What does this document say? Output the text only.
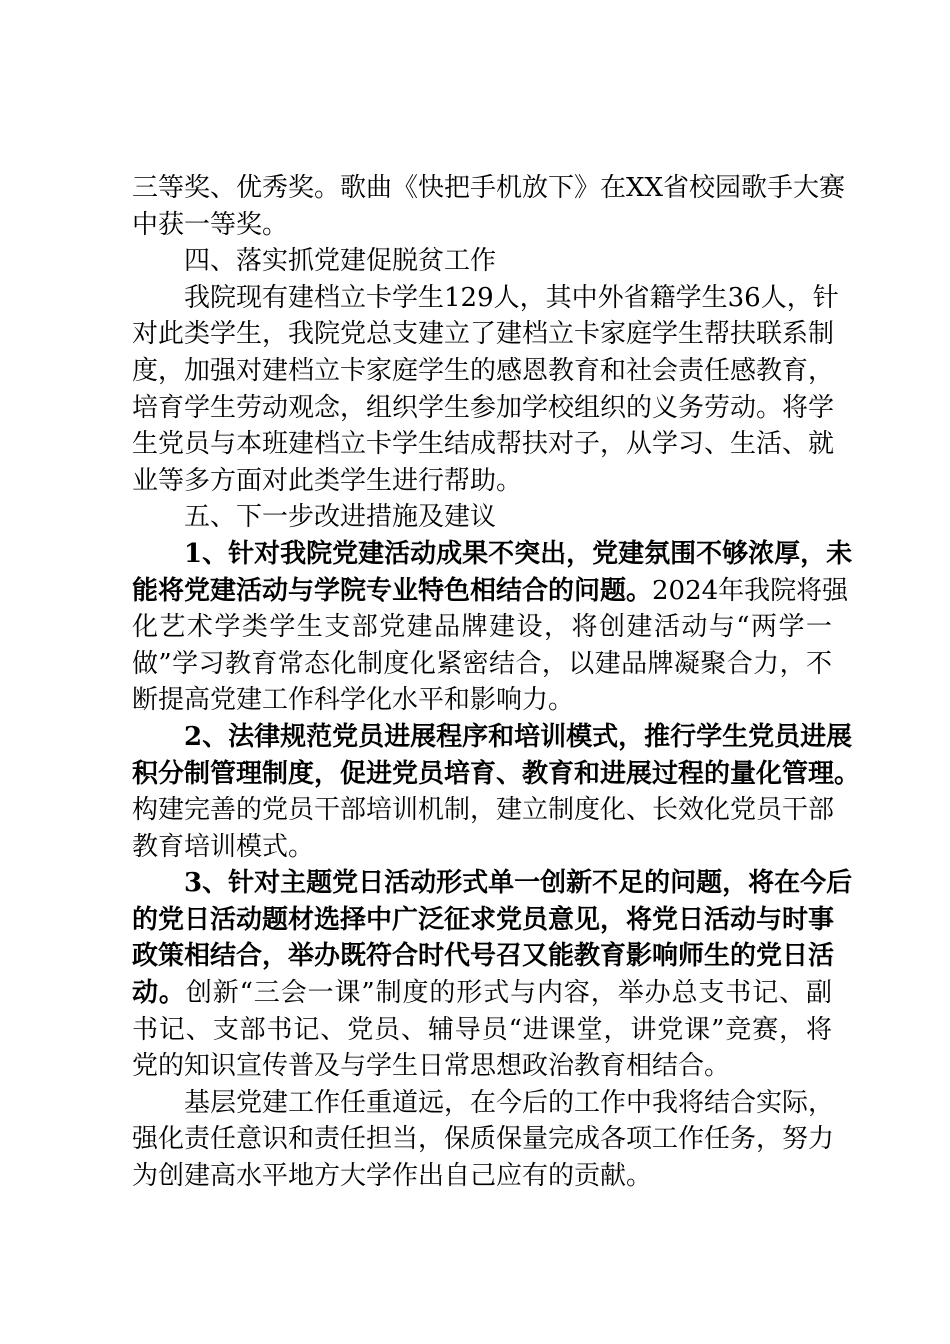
三等奖、优秀奖。歌曲《快把手机放下》在XX省校园歌手大赛
中获一等奖。
四、落实抓党建促脱贫工作
我院现有建档立卡学生129人，其中外省籍学生36人，针
对此类学生，我院党总支建立了建档立卡家庭学生帮扶联系制
度，加强对建档立卡家庭学生的感恩教育和社会责任感教育，
培育学生劳动观念，组织学生参加学校组织的义务劳动。将学
生党员与本班建档立卡学生结成帮扶对子，从学习、生活、就
业等多方面对此类学生进行帮助。
五、下一步改进措施及建议
1、针对我院党建活动成果不突出，党建氛围不够浓厚，未
能将党建活动与学院专业特色相结合的问题。2024年我院将强
化艺术学类学生支部党建品牌建设，将创建活动与“两学一
做”学习教育常态化制度化紧密结合，以建品牌凝聚合力，不
断提高党建工作科学化水平和影响力。
2、法律规范党员进展程序和培训模式，推行学生党员进展
积分制管理制度，促进党员培育、教育和进展过程的量化管理。
构建完善的党员干部培训机制，建立制度化、长效化党员干部
教育培训模式。
3、针对主题党日活动形式单一创新不足的问题，将在今后
的党日活动题材选择中广泛征求党员意见，将党日活动与时事
政策相结合，举办既符合时代号召又能教育影响师生的党日活
动。创新“三会一课”制度的形式与内容，举办总支书记、副
书记、支部书记、党员、辅导员“进课堂，讲党课”竞赛，将
党的知识宣传普及与学生日常思想政治教育相结合。
基层党建工作任重道远，在今后的工作中我将结合实际，
强化责任意识和责任担当，保质保量完成各项工作任务，努力
为创建高水平地方大学作出自己应有的贡献。
